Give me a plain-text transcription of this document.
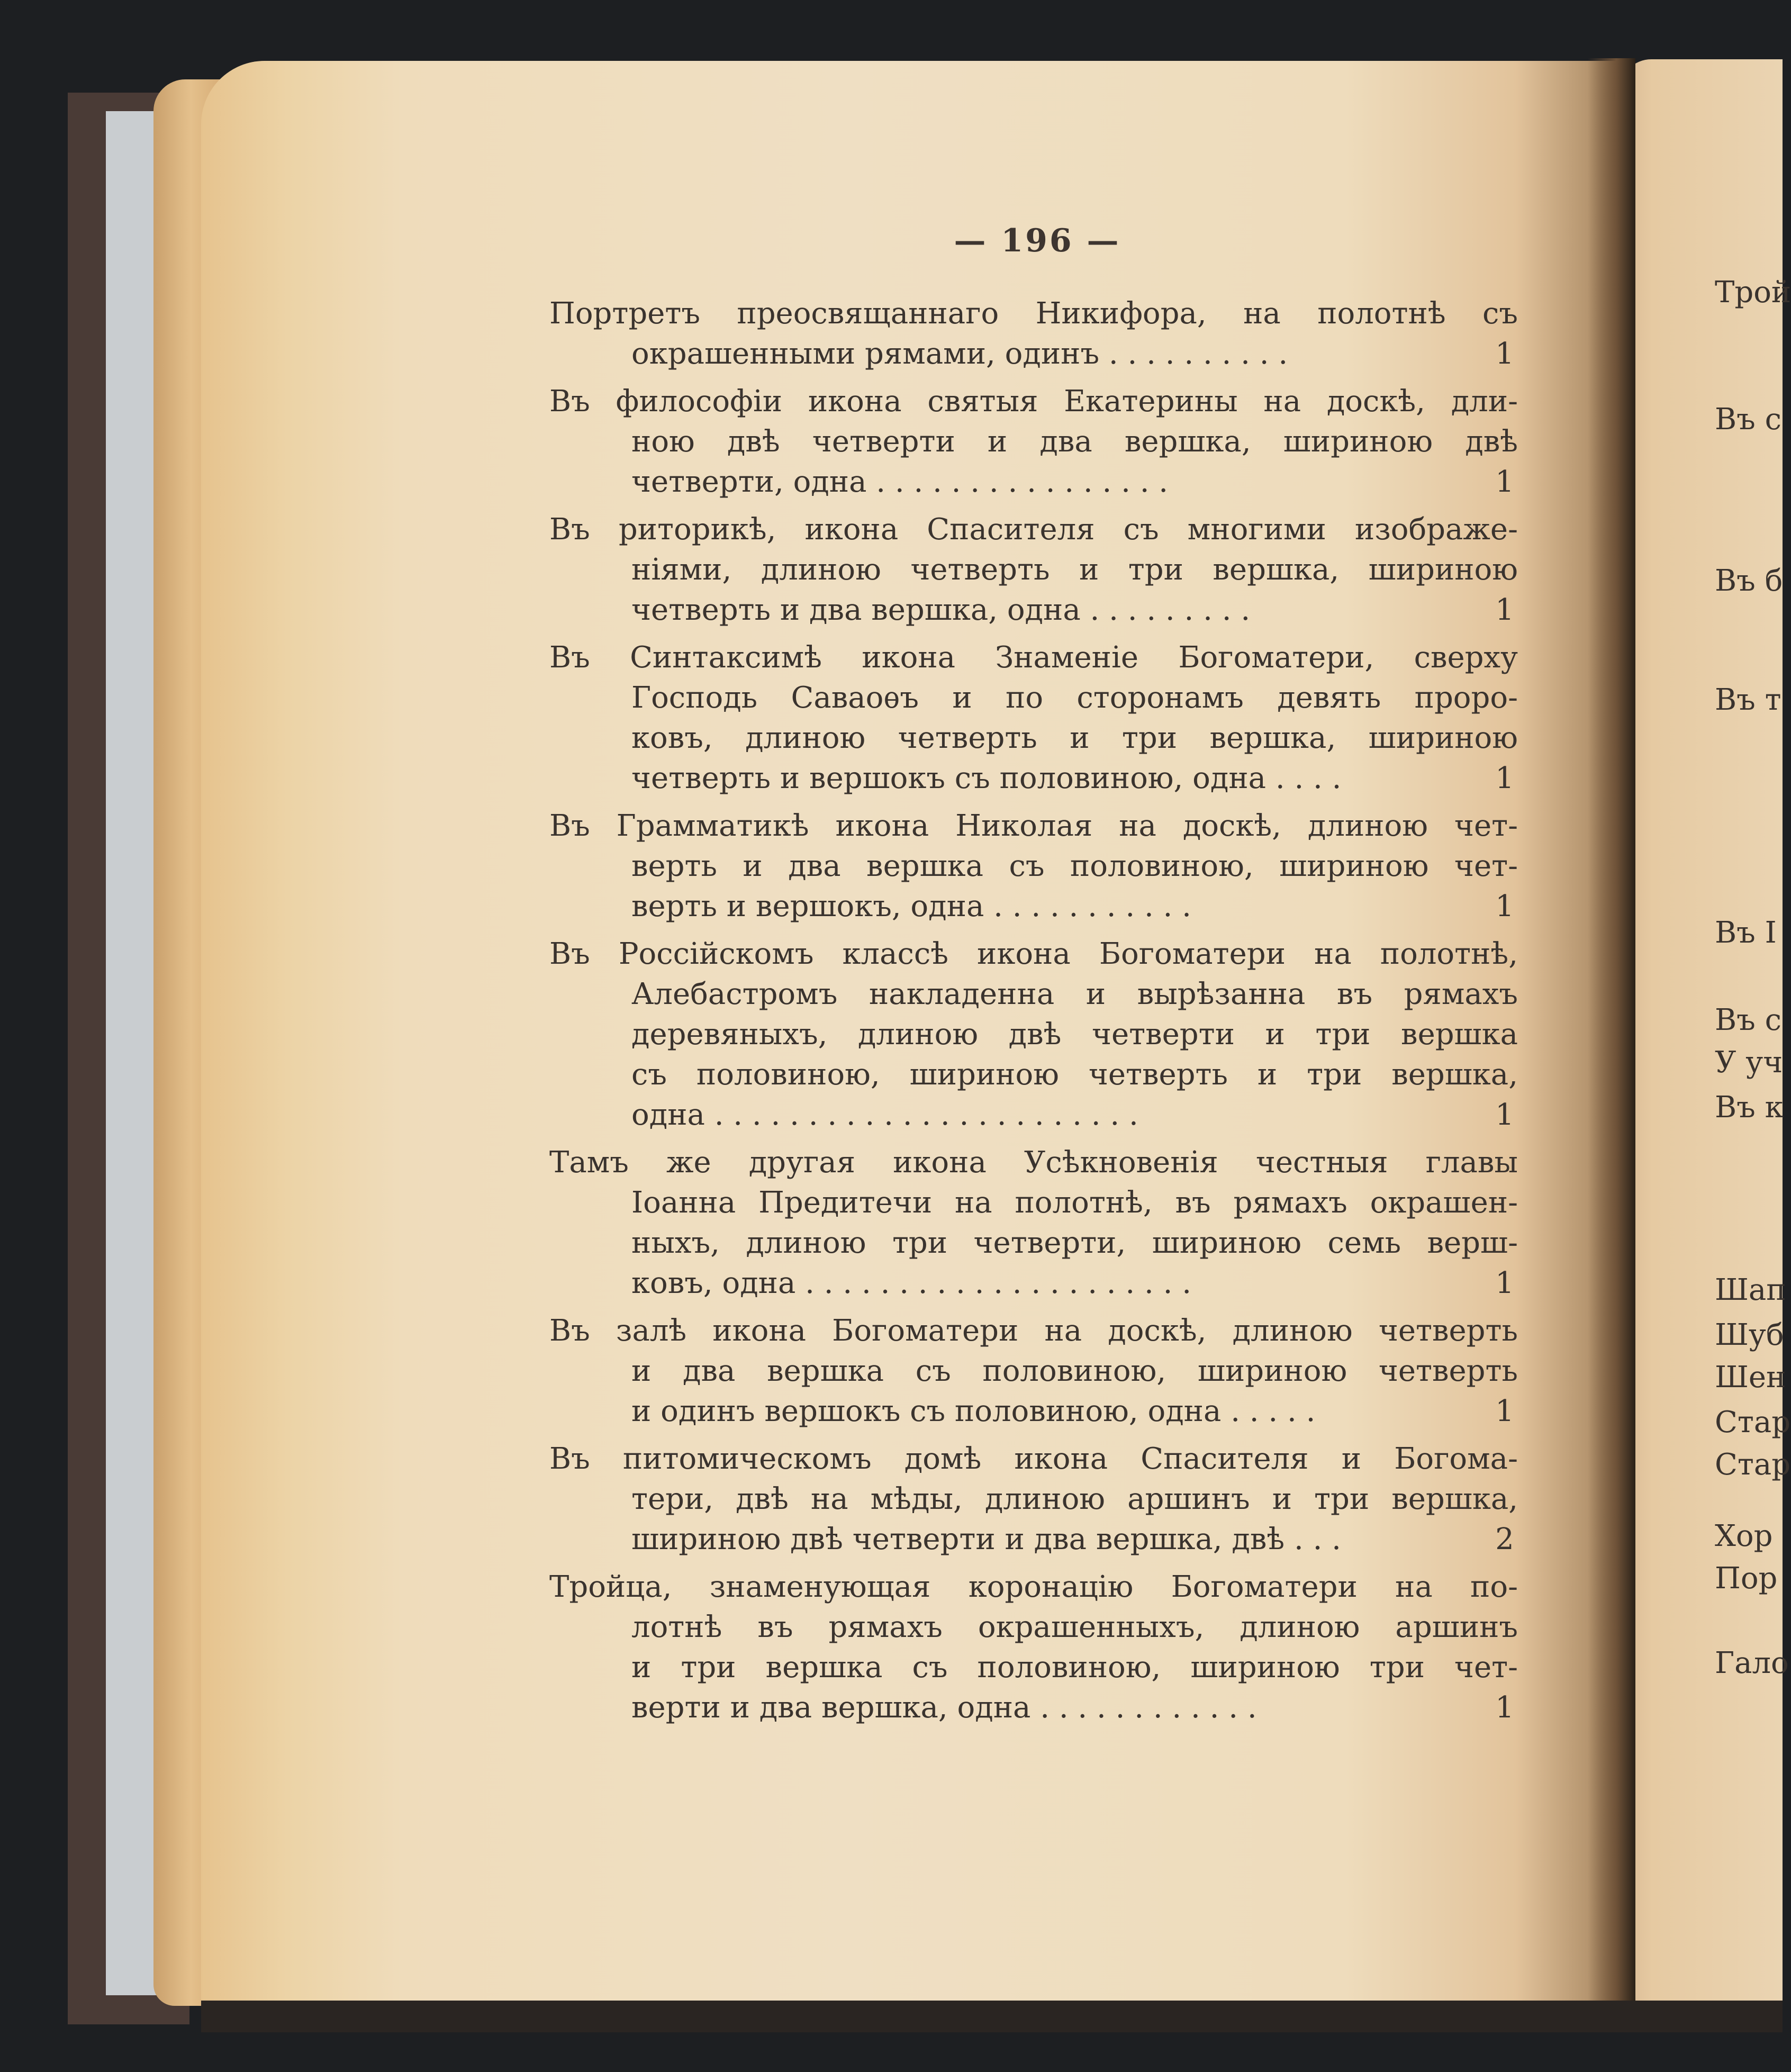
— 196 —
Портретъ преосвящаннаго Никифора, на полотнѣ съ
окрашенными рямами, одинъ . . . . . . . . . .	1
Въ философіи икона святыя Екатерины на доскѣ, дли-
ною двѣ четверти и два вершка, шириною двѣ
четверти, одна . . . . . . . . . . . . . . . .	1
Въ риторикѣ, икона Спасителя съ многими изображе-
ніями, длиною четверть и три вершка, шириною
четверть и два вершка, одна . . . . . . . . .	1
Въ Синтаксимѣ икона Знаменіе Богоматери, сверху
Господь Саваоѳъ и по сторонамъ девять проро-
ковъ, длиною четверть и три вершка, шириною
четверть и вершокъ съ половиною, одна . . . .	1
Въ Грамматикѣ икона Николая на доскѣ, длиною чет-
верть и два вершка съ половиною, шириною чет-
верть и вершокъ, одна . . . . . . . . . . .	1
Въ Россійскомъ классѣ икона Богоматери на полотнѣ,
Алебастромъ накладенна и вырѣзанна въ рямахъ
деревяныхъ, длиною двѣ четверти и три вершка
съ половиною, шириною четверть и три вершка,
одна . . . . . . . . . . . . . . . . . . . . . . .	1
Тамъ же другая икона Усѣкновенія честныя главы
Іоанна Предитечи на полотнѣ, въ рямахъ окрашен-
ныхъ, длиною три четверти, шириною семь верш-
ковъ, одна . . . . . . . . . . . . . . . . . . . . .	1
Въ залѣ икона Богоматери на доскѣ, длиною четверть
и два вершка съ половиною, шириною четверть
и одинъ вершокъ съ половиною, одна . . . . .	1
Въ питомическомъ домѣ икона Спасителя и Богома-
тери, двѣ на мѣды, длиною аршинъ и три вершка,
шириною двѣ четверти и два вершка, двѣ . . .	2
Тройца, знаменующая коронацію Богоматери на по-
лотнѣ въ рямахъ окрашенныхъ, длиною аршинъ
и три вершка съ половиною, шириною три чет-
верти и два вершка, одна . . . . . . . . . . . .	1
Трой
Въ с
Въ б
Въ т
Въ І
Въ с
У уч
Въ к
Шап
Шуб
Шен
Стар
Стар
Хор
Пор
Гало
